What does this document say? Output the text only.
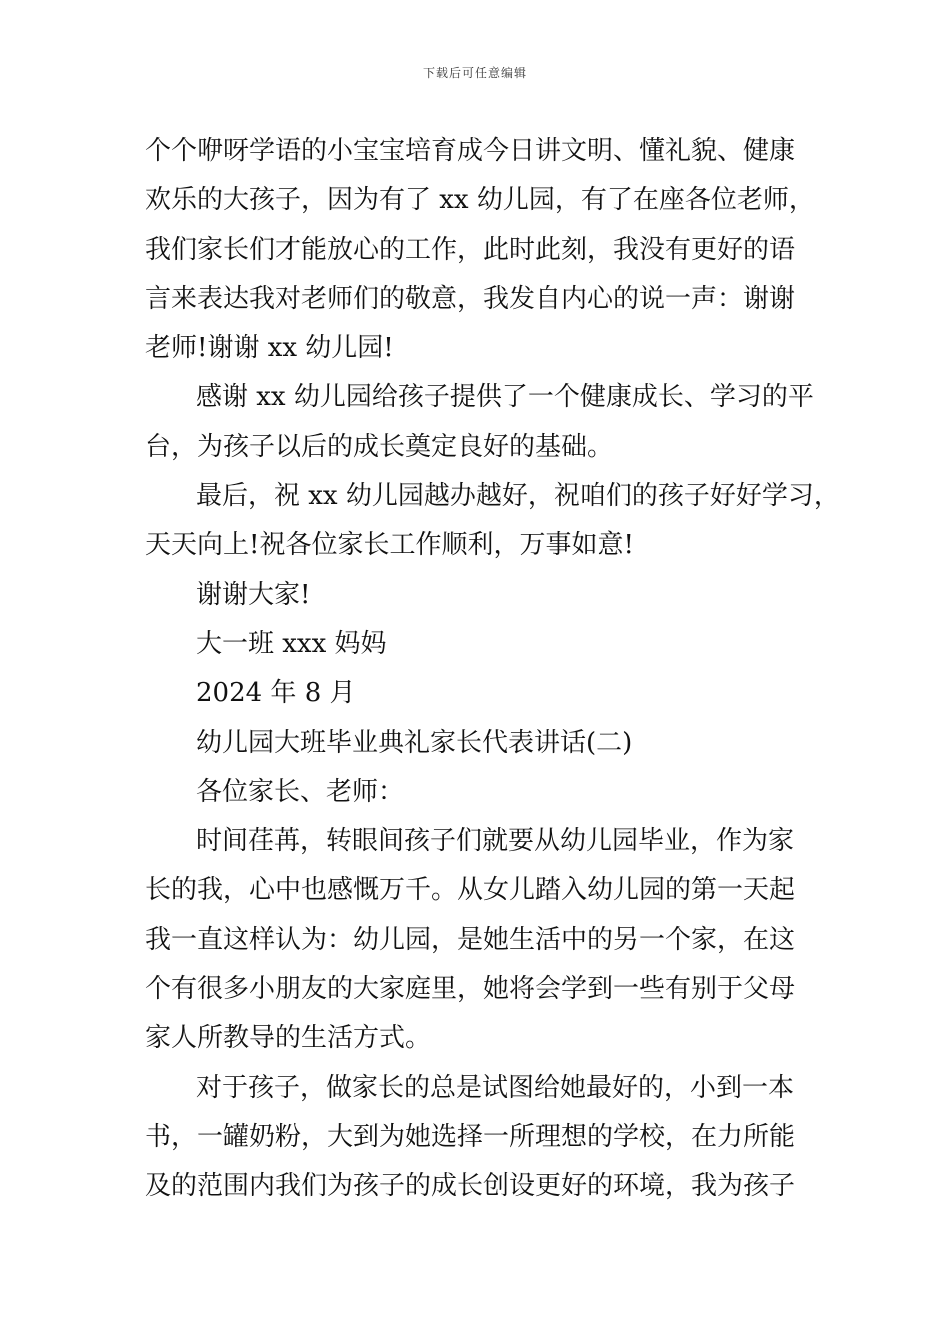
下载后可任意编辑
个个咿呀学语的小宝宝培育成今日讲文明、懂礼貌、健康
欢乐的大孩子，因为有了 xx 幼儿园，有了在座各位老师，
我们家长们才能放心的工作，此时此刻，我没有更好的语
言来表达我对老师们的敬意，我发自内心的说一声：谢谢
老师!谢谢 xx 幼儿园!
感谢 xx 幼儿园给孩子提供了一个健康成长、学习的平
台，为孩子以后的成长奠定良好的基础。
最后，祝 xx 幼儿园越办越好，祝咱们的孩子好好学习，
天天向上!祝各位家长工作顺利，万事如意!
谢谢大家!
大一班 xxx 妈妈
2024 年 8 月
幼儿园大班毕业典礼家长代表讲话(二)
各位家长、老师：
时间荏苒，转眼间孩子们就要从幼儿园毕业，作为家
长的我，心中也感慨万千。从女儿踏入幼儿园的第一天起
我一直这样认为：幼儿园，是她生活中的另一个家，在这
个有很多小朋友的大家庭里，她将会学到一些有别于父母
家人所教导的生活方式。
对于孩子，做家长的总是试图给她最好的，小到一本
书，一罐奶粉，大到为她选择一所理想的学校，在力所能
及的范围内我们为孩子的成长创设更好的环境，我为孩子
